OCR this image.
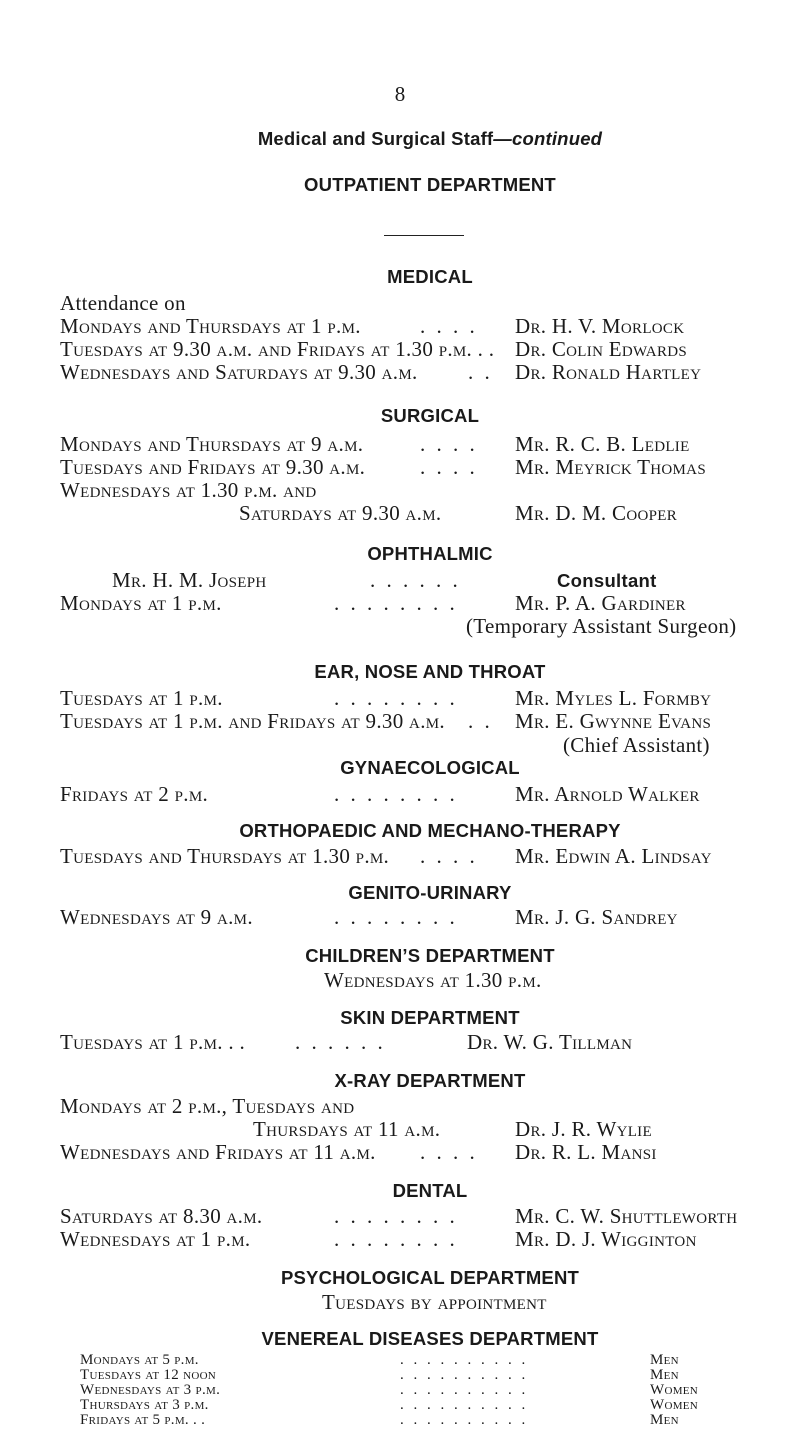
8
Medical and Surgical Staff—continued
OUTPATIENT DEPARTMENT
MEDICAL
Attendance on
Mondays and Thursdays at 1 p.m.	. . . . Dr. H. V. Morlock
Tuesdays at 9.30 a.m. and Fridays at 1.30 p.m. . . Dr. Colin Edwards
Wednesdays and Saturdays at 9.30 a.m. . . Dr. Ronald Hartley
SURGICAL
Mondays and Thursdays at 9 a.m.	. . . . Mr. R. C. B. Ledlie
Tuesdays and Fridays at 9.30 a.m.	. . . . Mr. Meyrick Thomas
Wednesdays at 1.30 p.m. and
Saturdays at 9.30 a.m.	Mr. D. M. Cooper
OPHTHALMIC
Mr. H. M. Joseph	. . . . . .	Consultant
Mondays at 1 p.m.	. . . . . . . .	Mr. P. A. Gardiner
(Temporary Assistant Surgeon)
EAR, NOSE AND THROAT
Tuesdays at 1 p.m.	. . . . . . . .	Mr. Myles L. Formby
Tuesdays at 1 p.m. and Fridays at 9.30 a.m. . . Mr. E. Gwynne Evans
(Chief Assistant)
GYNAECOLOGICAL
Fridays at 2 p.m.	. . . . . . . .	Mr. Arnold Walker
ORTHOPAEDIC AND MECHANO-THERAPY
Tuesdays and Thursdays at 1.30 p.m. . . . . Mr. Edwin A. Lindsay
GENITO-URINARY
Wednesdays at 9 a.m.	. . . . . . . .	Mr. J. G. Sandrey
CHILDREN’S DEPARTMENT
Wednesdays at 1.30 p.m.
SKIN DEPARTMENT
Tuesdays at 1 p.m. . . . . . . . .	Dr. W. G. Tillman
X-RAY DEPARTMENT
Mondays at 2 p.m., Tuesdays and
Thursdays at 11 a.m.	Dr. J. R. Wylie
Wednesdays and Fridays at 11 a.m. . . . . Dr. R. L. Mansi
DENTAL
Saturdays at 8.30 a.m.	. . . . . . . .	Mr. C. W. Shuttleworth
Wednesdays at 1 p.m.	. . . . . . . .	Mr. D. J. Wigginton
PSYCHOLOGICAL DEPARTMENT
Tuesdays by appointment
VENEREAL DISEASES DEPARTMENT
Mondays at 5 p.m.	. . . . . . . . . .	Men
Tuesdays at 12 noon	. . . . . . . . . .	Men
Wednesdays at 3 p.m.	. . . . . . . . . .	Women
Thursdays at 3 p.m.	Women
Fridays at 5 p.m. . .	Men
. . . . . . . . . .
. . . . . . . . . .
